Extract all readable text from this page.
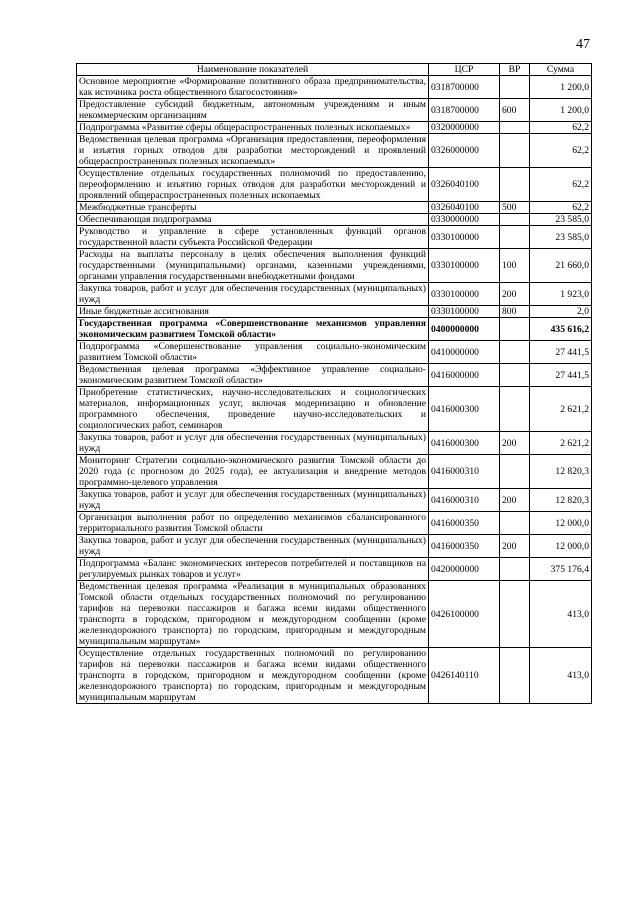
47
Наименование показателей	ЦСР	ВР	Сумма
Основное мероприятие «Формирование позитивного образа предпринимательства, как источника роста общественного благосостояния»	0318700000		1 200,0
Предоставление субсидий бюджетным, автономным учреждениям и иным некоммерческим организациям	0318700000	600	1 200,0
Подпрограмма «Развитие сферы общераспространенных полезных ископаемых»	0320000000		62,2
Ведомственная целевая программа «Организация предоставления, переоформления и изъятия горных отводов для разработки месторождений и проявлений общераспространенных полезных ископаемых»	0326000000		62,2
Осуществление отдельных государственных полномочий по предоставлению, переоформлению и изъятию горных отводов для разработки месторождений и проявлений общераспространенных полезных ископаемых	0326040100		62,2
Межбюджетные трансферты	0326040100	500	62,2
Обеспечивающая подпрограмма	0330000000		23 585,0
Руководство и управление в сфере установленных функций органов государственной власти субъекта Российской Федерации	0330100000		23 585,0
Расходы на выплаты персоналу в целях обеспечения выполнения функций государственными (муниципальными) органами, казенными учреждениями, органами управления государственными внебюджетными фондами	0330100000	100	21 660,0
Закупка товаров, работ и услуг для обеспечения государственных (муниципальных) нужд	0330100000	200	1 923,0
Иные бюджетные ассигнования	0330100000	800	2,0
Государственная программа «Совершенствование механизмов управления экономическим развитием Томской области»	0400000000		435 616,2
Подпрограмма «Совершенствование управления социально-экономическим развитием Томской области»	0410000000		27 441,5
Ведомственная целевая программа «Эффективное управление социально-экономическим развитием Томской области»	0416000000		27 441,5
Приобретение статистических, научно-исследовательских и социологических материалов, информационных услуг, включая модернизацию и обновление программного обеспечения, проведение научно-исследовательских и социологических работ, семинаров	0416000300		2 621,2
Закупка товаров, работ и услуг для обеспечения государственных (муниципальных) нужд	0416000300	200	2 621,2
Мониторинг Стратегии социально-экономического развития Томской области до 2020 года (с прогнозом до 2025 года), ее актуализация и внедрение методов программно-целевого управления	0416000310		12 820,3
Закупка товаров, работ и услуг для обеспечения государственных (муниципальных) нужд	0416000310	200	12 820,3
Организация выполнения работ по определению механизмов сбалансированного территориального развития Томской области	0416000350		12 000,0
Закупка товаров, работ и услуг для обеспечения государственных (муниципальных) нужд	0416000350	200	12 000,0
Подпрограмма «Баланс экономических интересов потребителей и поставщиков на регулируемых рынках товаров и услуг»	0420000000		375 176,4
Ведомственная целевая программа «Реализация в муниципальных образованиях Томской области отдельных государственных полномочий по регулированию тарифов на перевозки пассажиров и багажа всеми видами общественного транспорта в городском, пригородном и междугородном сообщении (кроме железнодорожного транспорта) по городским, пригородным и междугородным муниципальным маршрутам»	0426100000		413,0
Осуществление отдельных государственных полномочий по регулированию тарифов на перевозки пассажиров и багажа всеми видами общественного транспорта в городском, пригородном и междугородном сообщении (кроме железнодорожного транспорта) по городским, пригородным и междугородным муниципальным маршрутам	0426140110		413,0
